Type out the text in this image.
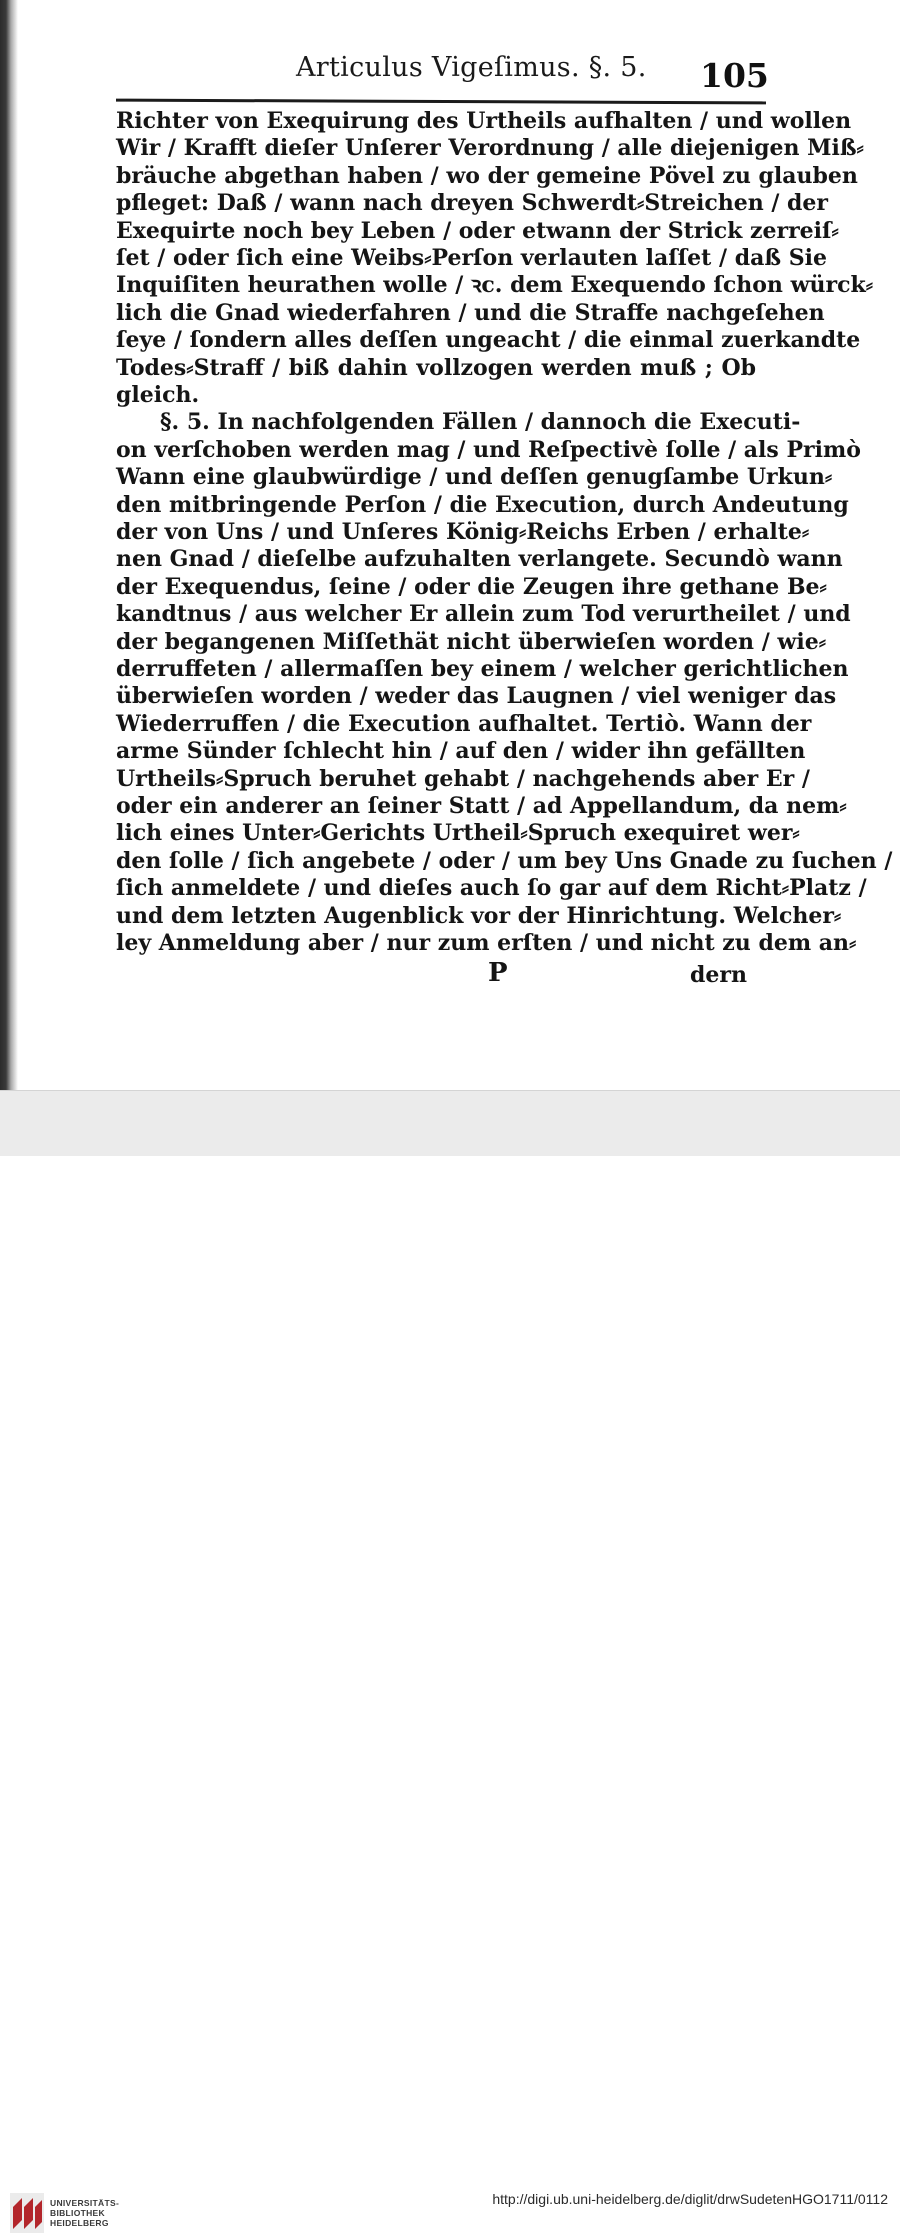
Articulus Vigeſimus. §. 5. 105
Richter von Exequirung des Urtheils aufhalten / und wollen
Wir / Krafft dieſer Unſerer Verordnung / alle diejenigen Miß⸗
bräuche abgethan haben / wo der gemeine Pövel zu glauben
pfleget: Daß / wann nach dreyen Schwerdt⸗Streichen / der
Exequirte noch bey Leben / oder etwann der Strick zerreiſ⸗
ſet / oder ſich eine Weibs⸗Perſon verlauten laſſet / daß Sie
Inquiſiten heurathen wolle / ꝛc. dem Exequendo ſchon würck⸗
lich die Gnad wiederfahren / und die Straffe nachgeſehen
ſeye / ſondern alles deſſen ungeacht / die einmal zuerkandte
Todes⸗Straff / biß dahin vollzogen werden muß ; Ob
gleich.
§. 5. In nachfolgenden Fällen / dannoch die Executi-
on verſchoben werden mag / und Reſpectivè ſolle / als Primò
Wann eine glaubwürdige / und deſſen genugſambe Urkun⸗
den mitbringende Perſon / die Execution, durch Andeutung
der von Uns / und Unſeres König⸗Reichs Erben / erhalte⸗
nen Gnad / dieſelbe aufzuhalten verlangete. Secundò wann
der Exequendus, ſeine / oder die Zeugen ihre gethane Be⸗
kandtnus / aus welcher Er allein zum Tod verurtheilet / und
der begangenen Miſſethät nicht überwieſen worden / wie⸗
derruffeten / allermaſſen bey einem / welcher gerichtlichen
überwieſen worden / weder das Laugnen / viel weniger das
Wiederruffen / die Execution aufhaltet. Tertiò. Wann der
arme Sünder ſchlecht hin / auf den / wider ihn gefällten
Urtheils⸗Spruch beruhet gehabt / nachgehends aber Er /
oder ein anderer an ſeiner Statt / ad Appellandum, da nem⸗
lich eines Unter⸗Gerichts Urtheil⸗Spruch exequiret wer⸗
den ſolle / ſich angebete / oder / um bey Uns Gnade zu ſuchen /
ſich anmeldete / und dieſes auch ſo gar auf dem Richt⸗Platz /
und dem letzten Augenblick vor der Hinrichtung. Welcher⸗
ley Anmeldung aber / nur zum erſten / und nicht zu dem an⸗
P	dern
UNIVERSITÄTS-
BIBLIOTHEK
HEIDELBERG
http://digi.ub.uni-heidelberg.de/diglit/drwSudetenHGO1711/0112
